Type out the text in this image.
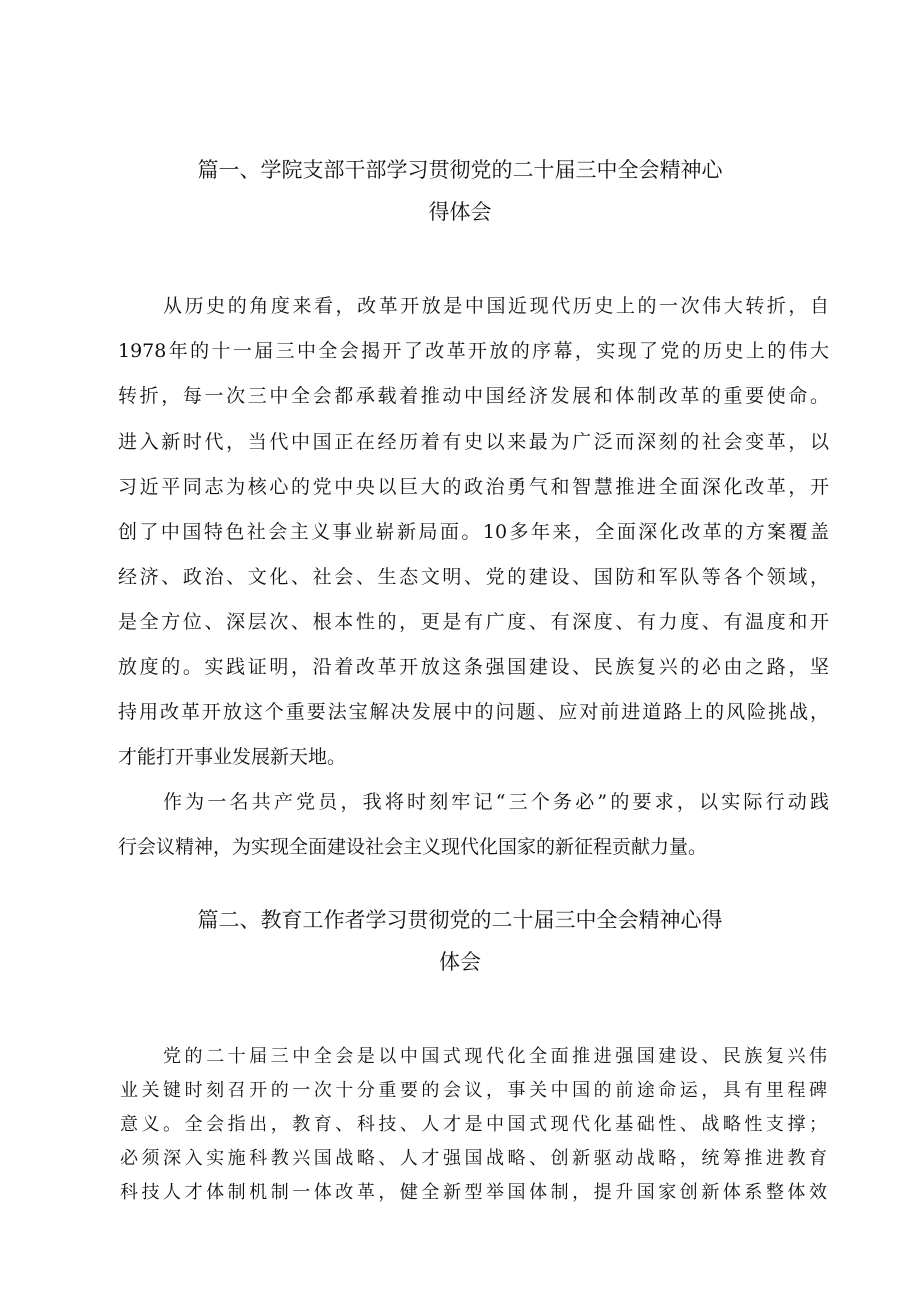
篇一、学院支部干部学习贯彻党的二十届三中全会精神心
得体会
从历史的角度来看，改革开放是中国近现代历史上的一次伟大转折，自
1978年的十一届三中全会揭开了改革开放的序幕，实现了党的历史上的伟大
转折，每一次三中全会都承载着推动中国经济发展和体制改革的重要使命。
进入新时代，当代中国正在经历着有史以来最为广泛而深刻的社会变革，以
习近平同志为核心的党中央以巨大的政治勇气和智慧推进全面深化改革，开
创了中国特色社会主义事业崭新局面。10多年来，全面深化改革的方案覆盖
经济、政治、文化、社会、生态文明、党的建设、国防和军队等各个领域，
是全方位、深层次、根本性的，更是有广度、有深度、有力度、有温度和开
放度的。实践证明，沿着改革开放这条强国建设、民族复兴的必由之路，坚
持用改革开放这个重要法宝解决发展中的问题、应对前进道路上的风险挑战，
才能打开事业发展新天地。
作为一名共产党员，我将时刻牢记“三个务必”的要求，以实际行动践
行会议精神，为实现全面建设社会主义现代化国家的新征程贡献力量。
篇二、教育工作者学习贯彻党的二十届三中全会精神心得
体会
党的二十届三中全会是以中国式现代化全面推进强国建设、民族复兴伟
业关键时刻召开的一次十分重要的会议，事关中国的前途命运，具有里程碑
意义。全会指出，教育、科技、人才是中国式现代化基础性、战略性支撑；
必须深入实施科教兴国战略、人才强国战略、创新驱动战略，统筹推进教育
科技人才体制机制一体改革，健全新型举国体制，提升国家创新体系整体效
